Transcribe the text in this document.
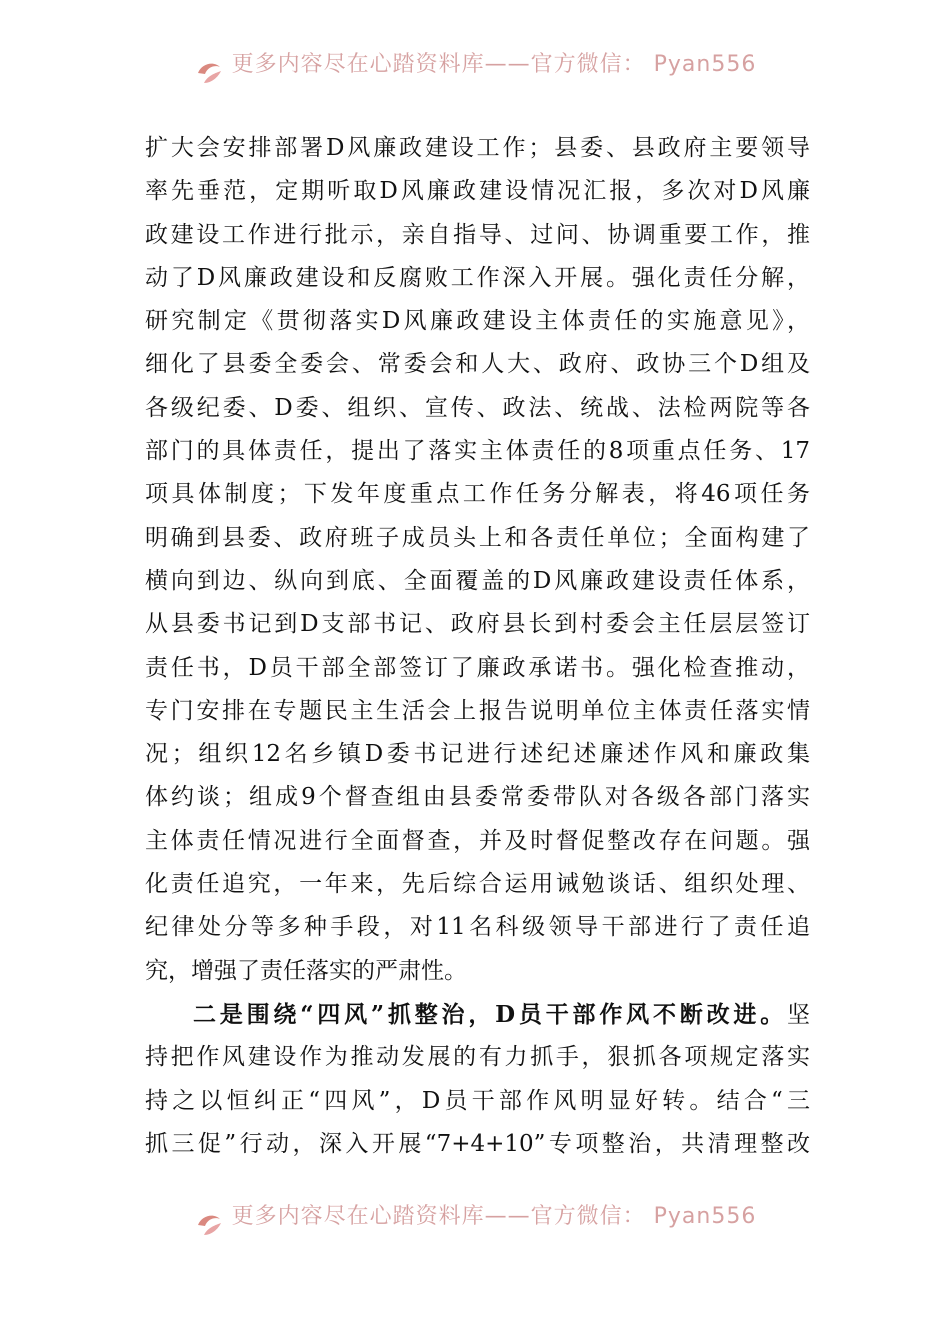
更多内容尽在心踏资料库——官方微信： Pyan556
扩大会安排部署D风廉政建设工作；县委、县政府主要领导
率先垂范，定期听取D风廉政建设情况汇报，多次对D风廉
政建设工作进行批示，亲自指导、过问、协调重要工作，推
动了D风廉政建设和反腐败工作深入开展。强化责任分解，
研究制定《贯彻落实D风廉政建设主体责任的实施意见》，
细化了县委全委会、常委会和人大、政府、政协三个D组及
各级纪委、D委、组织、宣传、政法、统战、法检两院等各
部门的具体责任，提出了落实主体责任的8项重点任务、17
项具体制度；下发年度重点工作任务分解表，将46项任务
明确到县委、政府班子成员头上和各责任单位；全面构建了
横向到边、纵向到底、全面覆盖的D风廉政建设责任体系，
从县委书记到D支部书记、政府县长到村委会主任层层签订
责任书，D员干部全部签订了廉政承诺书。强化检查推动，
专门安排在专题民主生活会上报告说明单位主体责任落实情
况；组织12名乡镇D委书记进行述纪述廉述作风和廉政集
体约谈；组成9个督查组由县委常委带队对各级各部门落实
主体责任情况进行全面督查，并及时督促整改存在问题。强
化责任追究，一年来，先后综合运用诫勉谈话、组织处理、
纪律处分等多种手段，对11名科级领导干部进行了责任追
究，增强了责任落实的严肃性。
二是围绕“四风”抓整治，D员干部作风不断改进。坚
持把作风建设作为推动发展的有力抓手，狠抓各项规定落实
持之以恒纠正“四风”，D员干部作风明显好转。结合“三
抓三促”行动，深入开展“7+4+10”专项整治，共清理整改
更多内容尽在心踏资料库——官方微信： Pyan556
